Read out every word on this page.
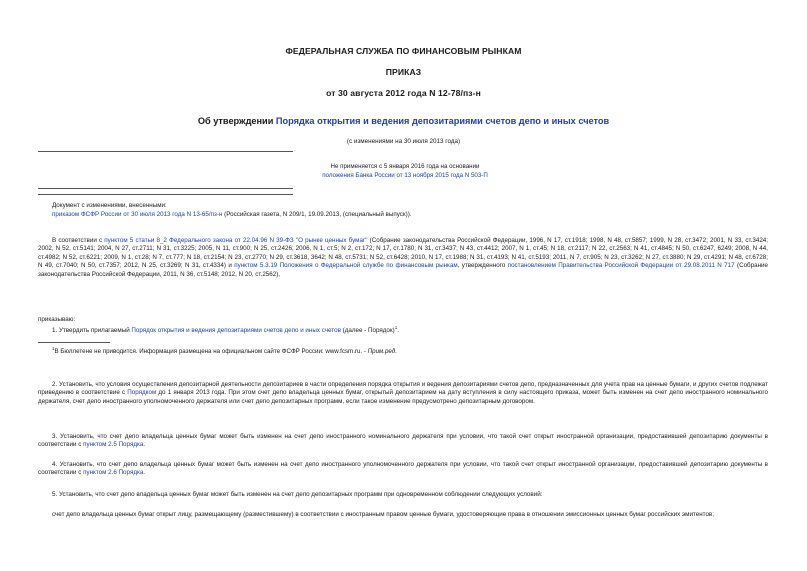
ФЕДЕРАЛЬНАЯ СЛУЖБА ПО ФИНАНСОВЫМ РЫНКАМ
ПРИКАЗ
от 30 августа 2012 года N 12-78/пз-н
Об утверждении Порядка открытия и ведения депозитариями счетов депо и иных счетов
(с изменениями на 30 июля 2013 года)
Не применяется с 5 января 2016 года на основании
положения Банка России от 13 ноября 2015 года N 503-П
Документ с изменениями, внесенными:
приказом ФСФР России от 30 июля 2013 года N 13-65/пз-н (Российская газета, N 209/1, 19.09.2013, (специальный выпуск)).
В соответствии с пунктом 5 статьи 8_2 Федерального закона от 22.04.96 N 39-ФЗ "О рынке ценных бумаг" (Собрание законодательства Российской Федерации, 1996, N 17, ст.1918; 1998, N 48, ст.5857; 1999, N 28, ст.3472; 2001, N 33, ст.3424; 2002, N 52, ст.5141; 2004, N 27, ст.2711; N 31, ст.3225; 2005, N 11, ст.900; N 25, ст.2426; 2006, N 1, ст.5; N 2, ст.172; N 17, ст.1780; N 31, ст.3437; N 43, ст.4412; 2007, N 1, ст.45; N 18, ст.2117; N 22, ст.2563; N 41, ст.4845; N 50, ст.6247, 6249; 2008, N 44, ст.4982; N 52, ст.6221; 2009, N 1, ст.28; N 7, ст.777; N 18, ст.2154; N 23, ст.2770; N 29, ст.3618, 3642; N 48, ст.5731; N 52, ст.6428; 2010, N 17, ст.1988; N 31, ст.4193; N 41, ст.5193; 2011, N 7, ст.905; N 23, ст.3262; N 27, ст.3880; N 29, ст.4291; N 48, ст.6728; N 49, ст.7040; N 50, ст.7357; 2012, N 25, ст.3269; N 31, ст.4334) и пунктом 5.3.19 Положения о Федеральной службе по финансовым рынкам, утвержденного постановлением Правительства Российской Федерации от 29.08.2011 N 717 (Собрание законодательства Российской Федерации, 2011, N 36, ст.5148; 2012, N 20, ст.2562),
приказываю:
1. Утвердить прилагаемый Порядок открытия и ведения депозитариями счетов депо и иных счетов (далее - Порядок)$^1$.
$^1$В Бюллетене не приводится. Информация размещена на официальном сайте ФСФР России: www.fcsm.ru. - Прим.ред.
2. Установить, что условия осуществления депозитарной деятельности депозитариев в части определения порядка открытия и ведения депозитариями счетов депо, предназначенных для учета прав на ценные бумаги, и других счетов подлежат приведению в соответствие с Порядком до 1 января 2013 года. При этом счет депо владельца ценных бумаг, открытый депозитарием на дату вступления в силу настоящего приказа, может быть изменен на счет депо иностранного номинального держателя, счет депо иностранного уполномоченного держателя или счет депо депозитарных программ, если такое изменение предусмотрено депозитарным договором.
3. Установить, что счет депо владельца ценных бумаг может быть изменен на счет депо иностранного номинального держателя при условии, что такой счет открыт иностранной организации, предоставившей депозитарию документы в соответствии с пунктом 2.5 Порядка.
4. Установить, что счет депо владельца ценных бумаг может быть изменен на счет депо иностранного уполномоченного держателя при условии, что такой счет открыт иностранной организации, предоставившей депозитарию документы в соответствии с пунктом 2.6 Порядка.
5. Установить, что счет депо владельца ценных бумаг может быть изменен на счет депо депозитарных программ при одновременном соблюдении следующих условий:
счет депо владельца ценных бумаг открыт лицу, размещающему (разместившему) в соответствии с иностранным правом ценные бумаги, удостоверяющие права в отношении эмиссионных ценных бумаг российских эмитентов;
